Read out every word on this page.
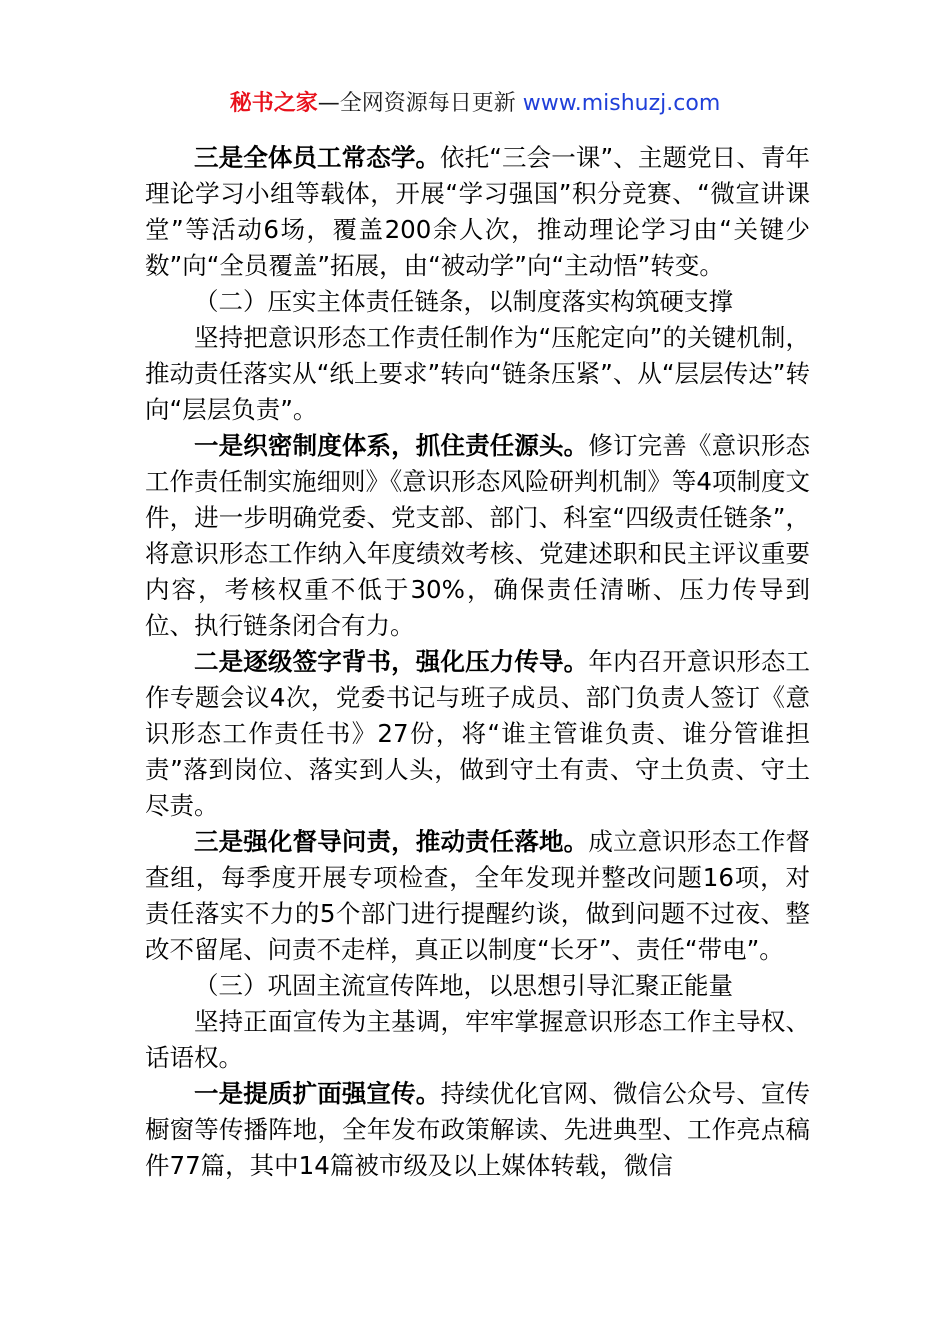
秘书之家—全网资源每日更新 www.mishuzj.com

三是全体员工常态学。依托“三会一课”、主题党日、青年理论学习小组等载体，开展“学习强国”积分竞赛、“微宣讲课堂”等活动6场，覆盖200余人次，推动理论学习由“关键少数”向“全员覆盖”拓展，由“被动学”向“主动悟”转变。

（二）压实主体责任链条，以制度落实构筑硬支撑

坚持把意识形态工作责任制作为“压舵定向”的关键机制，推动责任落实从“纸上要求”转向“链条压紧”、从“层层传达”转向“层层负责”。

一是织密制度体系，抓住责任源头。修订完善《意识形态工作责任制实施细则》《意识形态风险研判机制》等4项制度文件，进一步明确党委、党支部、部门、科室“四级责任链条”，将意识形态工作纳入年度绩效考核、党建述职和民主评议重要内容，考核权重不低于30%，确保责任清晰、压力传导到位、执行链条闭合有力。

二是逐级签字背书，强化压力传导。年内召开意识形态工作专题会议4次，党委书记与班子成员、部门负责人签订《意识形态工作责任书》27份，将“谁主管谁负责、谁分管谁担责”落到岗位、落实到人头，做到守土有责、守土负责、守土尽责。

三是强化督导问责，推动责任落地。成立意识形态工作督查组，每季度开展专项检查，全年发现并整改问题16项，对责任落实不力的5个部门进行提醒约谈，做到问题不过夜、整改不留尾、问责不走样，真正以制度“长牙”、责任“带电”。

（三）巩固主流宣传阵地，以思想引导汇聚正能量

坚持正面宣传为主基调，牢牢掌握意识形态工作主导权、话语权。

一是提质扩面强宣传。持续优化官网、微信公众号、宣传橱窗等传播阵地，全年发布政策解读、先进典型、工作亮点稿件77篇，其中14篇被市级及以上媒体转载，微信
